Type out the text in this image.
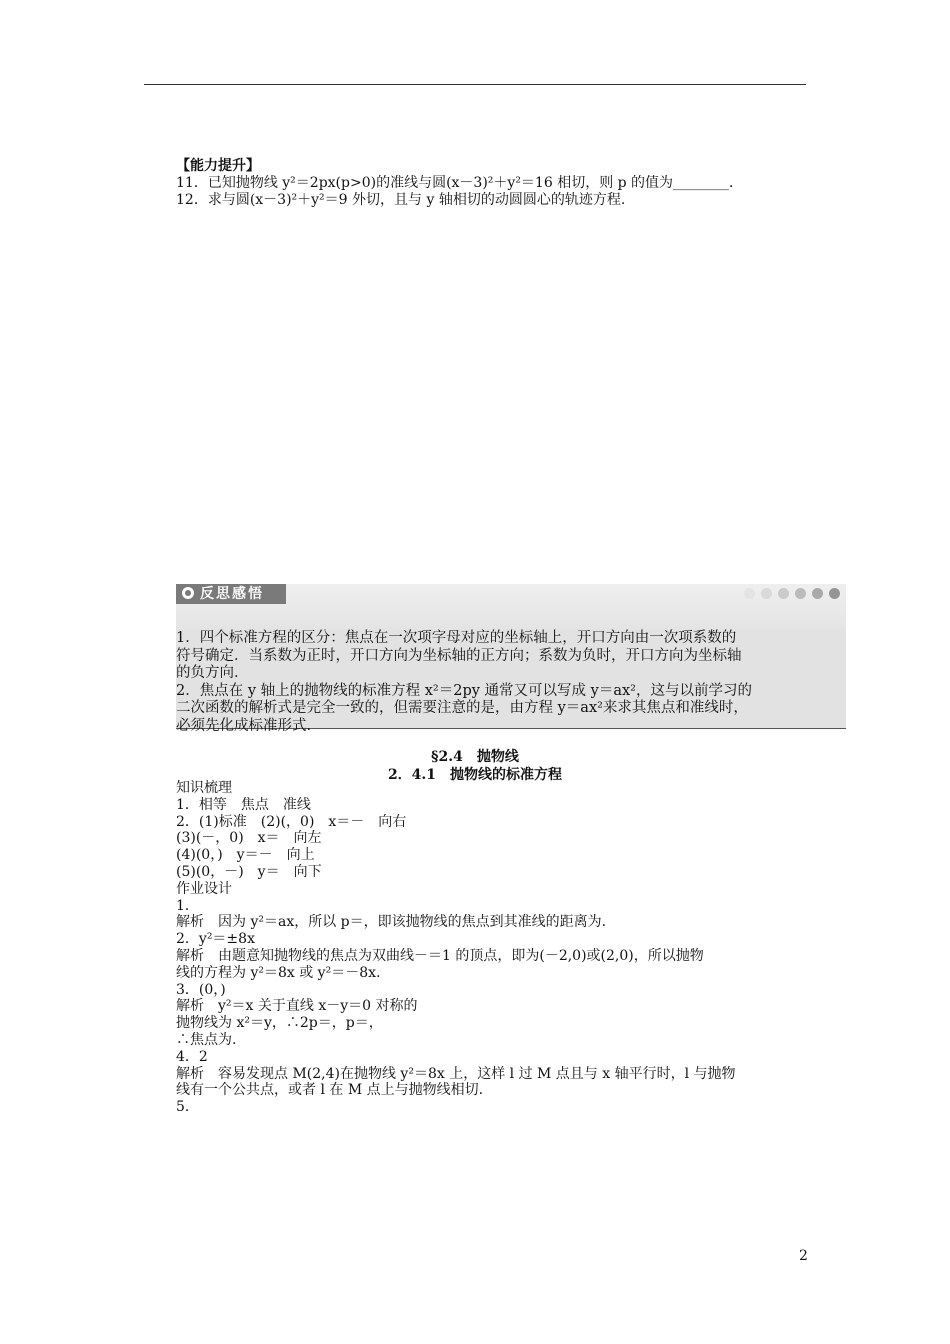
【能力提升】
11．已知抛物线 y²＝2px(p>0)的准线与圆(x－3)²＋y²＝16 相切，则 p 的值为________．
12．求与圆(x－3)²＋y²＝9 外切，且与 y 轴相切的动圆圆心的轨迹方程.
反思感悟
1．四个标准方程的区分：焦点在一次项字母对应的坐标轴上，开口方向由一次项系数的
符号确定．当系数为正时，开口方向为坐标轴的正方向；系数为负时，开口方向为坐标轴
的负方向．
2．焦点在 y 轴上的抛物线的标准方程 x²＝2py 通常又可以写成 y＝ax²，这与以前学习的
二次函数的解析式是完全一致的，但需要注意的是，由方程 y＝ax²来求其焦点和准线时，
必须先化成标准形式.
§2.4　抛物线
2．4.1　抛物线的标准方程
知识梳理
1．相等　焦点　准线
2．(1)标准　(2)(，0)　x＝－　向右
(3)(－，0)　x＝　向左
(4)(0，)　y＝－　向上
(5)(0，－)　y＝　向下
作业设计
1．
解析　因为 y²＝ax，所以 p＝，即该抛物线的焦点到其准线的距离为.
2．y²＝±8x
解析　由题意知抛物线的焦点为双曲线－＝1 的顶点，即为(－2,0)或(2,0)，所以抛物
线的方程为 y²＝8x 或 y²＝－8x.
3．(0，)
解析　y²＝x 关于直线 x－y＝0 对称的
抛物线为 x²＝y，∴2p＝，p＝，
∴焦点为.
4．2
解析　容易发现点 M(2,4)在抛物线 y²＝8x 上，这样 l 过 M 点且与 x 轴平行时，l 与抛物
线有一个公共点，或者 l 在 M 点上与抛物线相切.
5．
2
